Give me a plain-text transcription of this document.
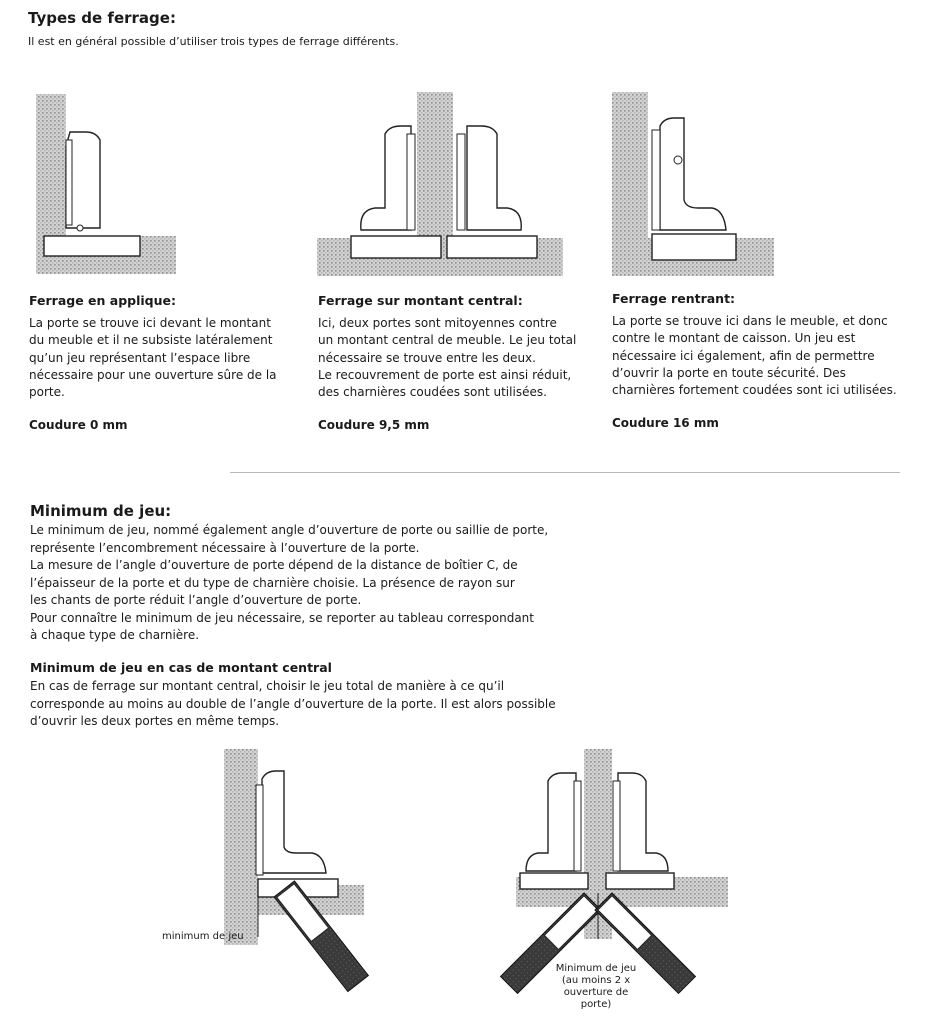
Types de ferrage:
Il est en général possible d’utiliser trois types de ferrage différents.
Ferrage en applique:
La porte se trouve ici devant le montant
du meuble et il ne subsiste latéralement
qu’un jeu représentant l’espace libre
nécessaire pour une ouverture sûre de la
porte.
Coudure 0 mm
Ferrage sur montant central:
Ici, deux portes sont mitoyennes contre
un montant central de meuble. Le jeu total
nécessaire se trouve entre les deux.
Le recouvrement de porte est ainsi réduit,
des charnières coudées sont utilisées.
Coudure 9,5 mm
Ferrage rentrant:
La porte se trouve ici dans le meuble, et donc
contre le montant de caisson. Un jeu est
nécessaire ici également, afin de permettre
d’ouvrir la porte en toute sécurité. Des
charnières fortement coudées sont ici utilisées.
Coudure 16 mm
Minimum de jeu:
Le minimum de jeu, nommé également angle d’ouverture de porte ou saillie de porte,
représente l’encombrement nécessaire à l’ouverture de la porte.
La mesure de l’angle d’ouverture de porte dépend de la distance de boîtier C, de
l’épaisseur de la porte et du type de charnière choisie. La présence de rayon sur
les chants de porte réduit l’angle d’ouverture de porte.
Pour connaître le minimum de jeu nécessaire, se reporter au tableau correspondant
à chaque type de charnière.
Minimum de jeu en cas de montant central
En cas de ferrage sur montant central, choisir le jeu total de manière à ce qu’il
corresponde au moins au double de l’angle d’ouverture de la porte. Il est alors possible
d’ouvrir les deux portes en même temps.
minimum de jeu
Minimum de jeu
(au moins 2 x
ouverture de porte)
